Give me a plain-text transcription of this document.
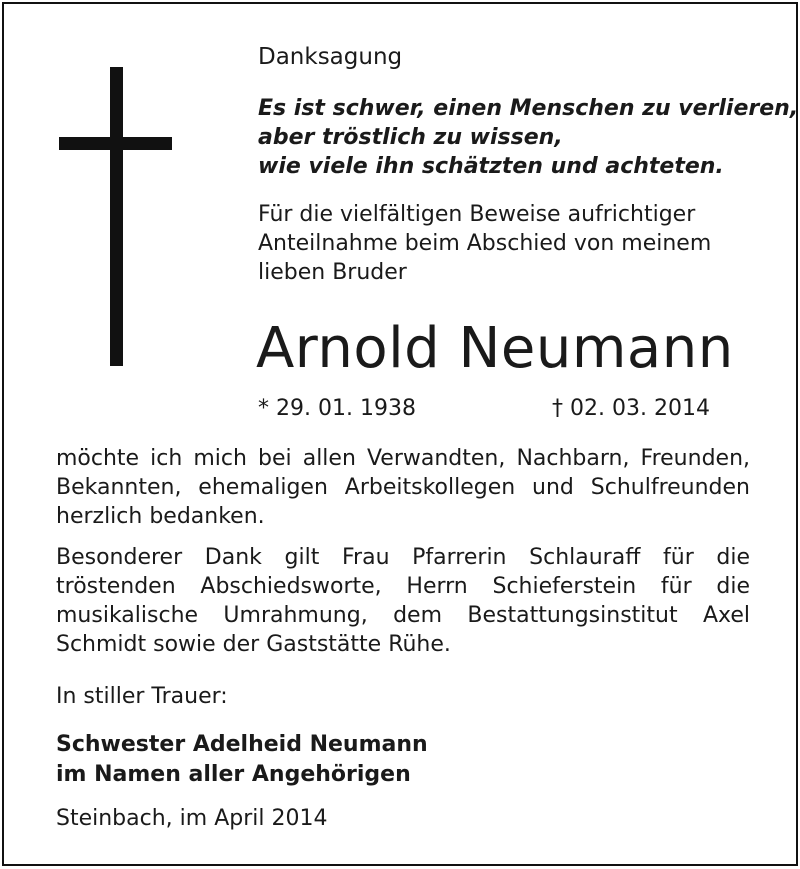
Danksagung
Es ist schwer, einen Menschen zu verlieren,
aber tröstlich zu wissen,
wie viele ihn schätzten und achteten.
Für die vielfältigen Beweise aufrichtiger Anteilnahme beim Abschied von meinem lieben Bruder
Arnold Neumann
* 29. 01. 1938	† 02. 03. 2014
möchte ich mich bei allen Verwandten, Nachbarn, Freunden, Bekannten, ehemaligen Arbeitskollegen und Schulfreunden herzlich bedanken.
Besonderer Dank gilt Frau Pfarrerin Schlauraff für die tröstenden Abschiedsworte, Herrn Schieferstein für die musikalische Umrahmung, dem Bestattungsinstitut Axel Schmidt sowie der Gaststätte Rühe.
In stiller Trauer:
Schwester Adelheid Neumann
im Namen aller Angehörigen
Steinbach, im April 2014
